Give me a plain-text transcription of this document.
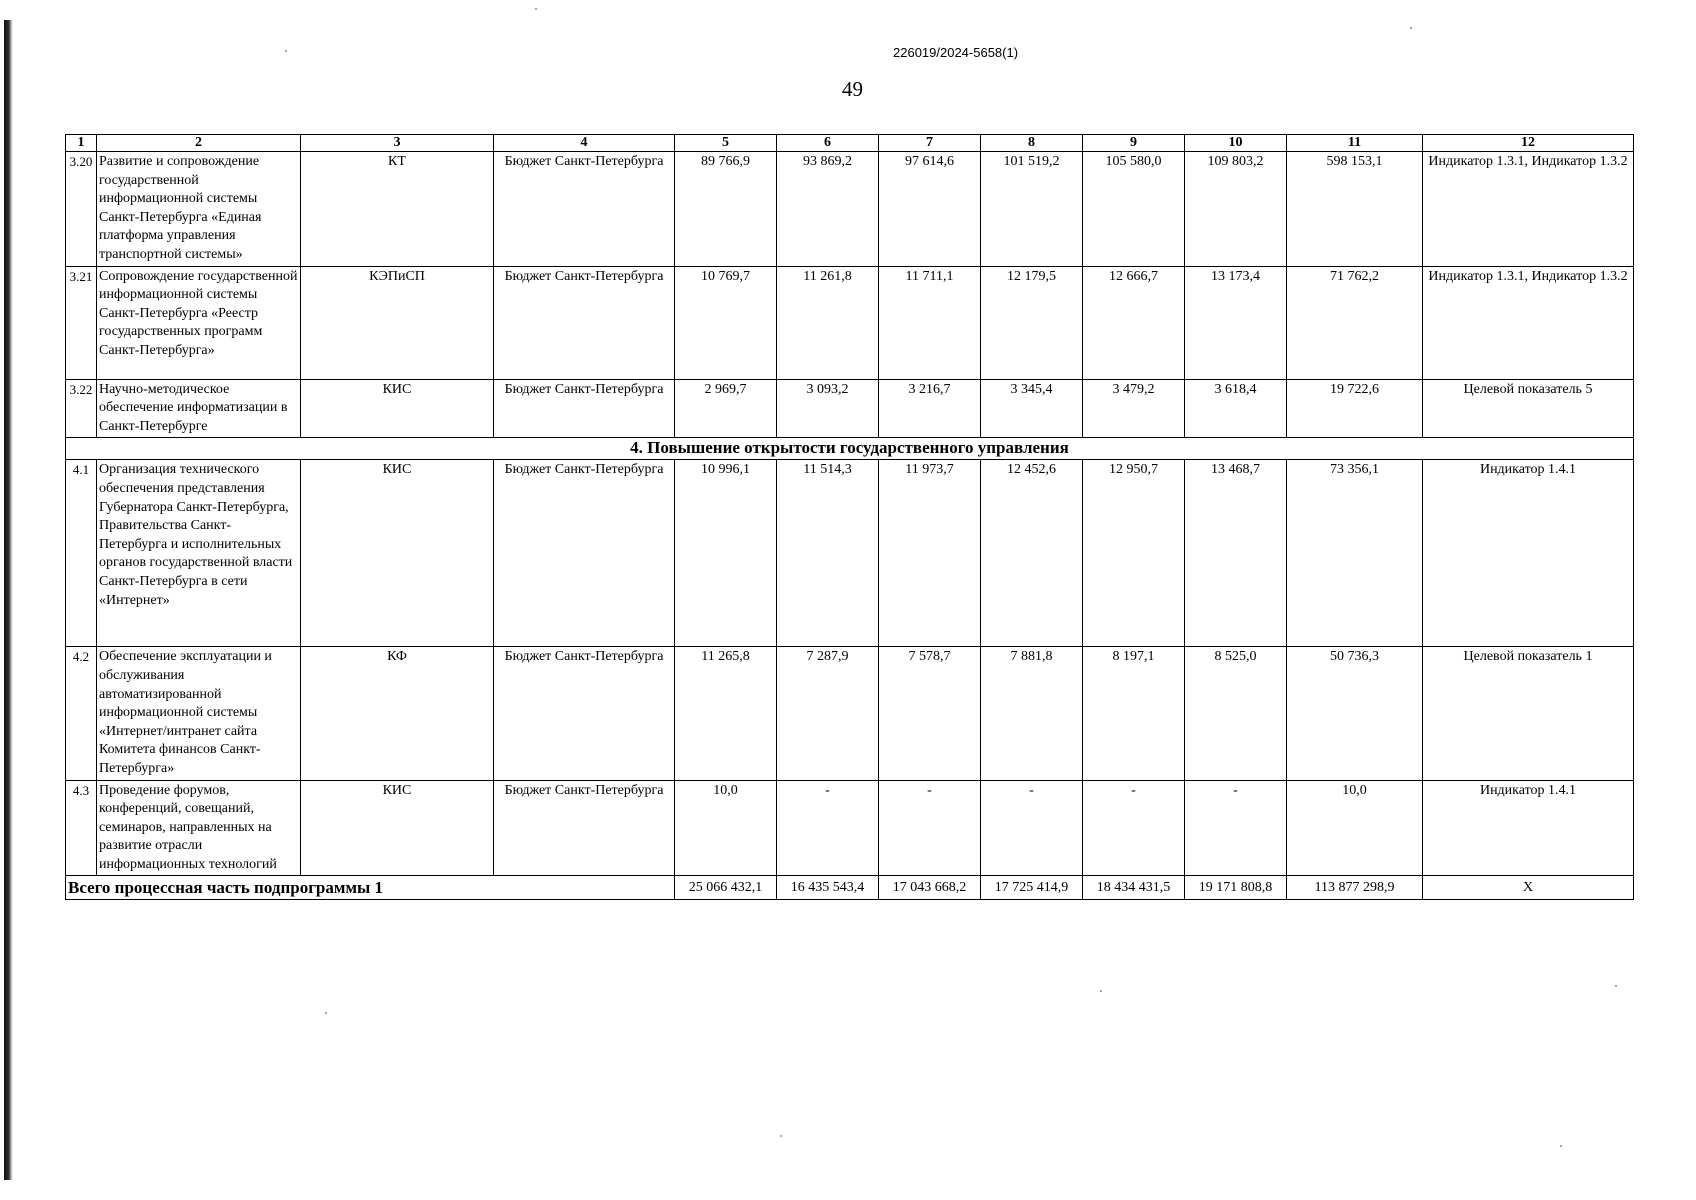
226019/2024-5658(1)
49
1	2	3	4	5	6	7	8	9	10	11	12
3.20	Развитие и сопровождение государственной информационной системы Санкт-Петербурга «Единая платформа управления транспортной системы»	КТ	Бюджет Санкт-Петербурга	89 766,9	93 869,2	97 614,6	101 519,2	105 580,0	109 803,2	598 153,1	Индикатор 1.3.1, Индикатор 1.3.2
3.21	Сопровождение государственной информационной системы Санкт-Петербурга «Реестр государственных программ Санкт-Петербурга»	КЭПиСП	Бюджет Санкт-Петербурга	10 769,7	11 261,8	11 711,1	12 179,5	12 666,7	13 173,4	71 762,2	Индикатор 1.3.1, Индикатор 1.3.2
3.22	Научно-методическое обеспечение информатизации в Санкт-Петербурге	КИС	Бюджет Санкт-Петербурга	2 969,7	3 093,2	3 216,7	3 345,4	3 479,2	3 618,4	19 722,6	Целевой показатель 5
4. Повышение открытости государственного управления											
4.1	Организация технического обеспечения представления Губернатора Санкт-Петербурга, Правительства Санкт-Петербурга и исполнительных органов государственной власти Санкт-Петербурга в сети «Интернет»	КИС	Бюджет Санкт-Петербурга	10 996,1	11 514,3	11 973,7	12 452,6	12 950,7	13 468,7	73 356,1	Индикатор 1.4.1
4.2	Обеспечение эксплуатации и обслуживания автоматизированной информационной системы «Интернет/интранет сайта Комитета финансов Санкт-Петербурга»	КФ	Бюджет Санкт-Петербурга	11 265,8	7 287,9	7 578,7	7 881,8	8 197,1	8 525,0	50 736,3	Целевой показатель 1
4.3	Проведение форумов, конференций, совещаний, семинаров, направленных на развитие отрасли информационных технологий	КИС	Бюджет Санкт-Петербурга	10,0	-	-	-	-	-	10,0	Индикатор 1.4.1
Всего процессная часть подпрограммы 1				25 066 432,1	16 435 543,4	17 043 668,2	17 725 414,9	18 434 431,5	19 171 808,8	113 877 298,9	Х
